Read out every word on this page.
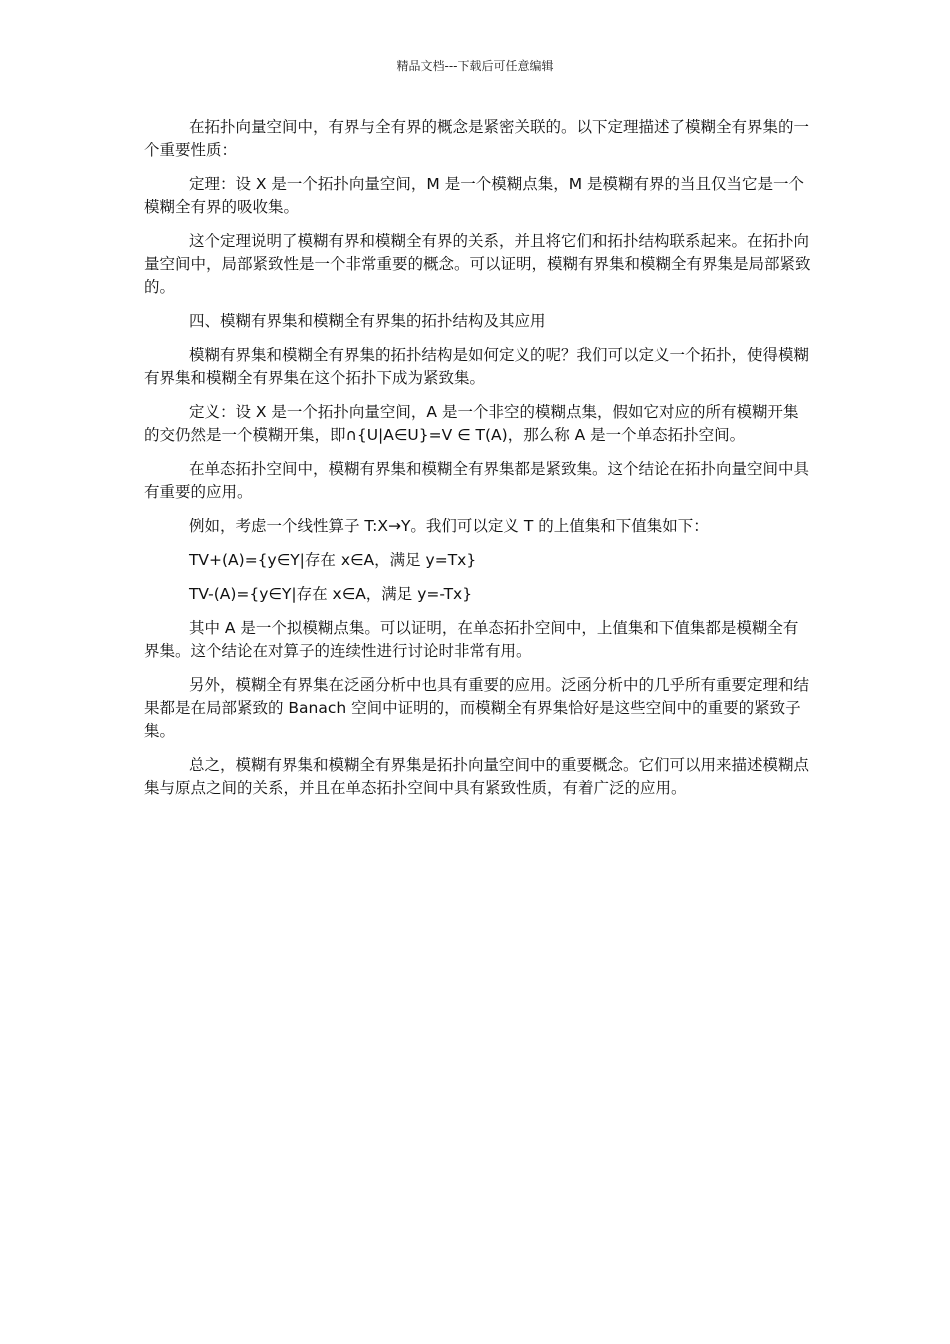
精品文档---下载后可任意编辑

在拓扑向量空间中，有界与全有界的概念是紧密关联的。以下定理描述了模糊全有界集的一个重要性质：

定理：设 X 是一个拓扑向量空间，M 是一个模糊点集，M 是模糊有界的当且仅当它是一个模糊全有界的吸收集。

这个定理说明了模糊有界和模糊全有界的关系，并且将它们和拓扑结构联系起来。在拓扑向量空间中，局部紧致性是一个非常重要的概念。可以证明，模糊有界集和模糊全有界集是局部紧致的。

四、模糊有界集和模糊全有界集的拓扑结构及其应用

模糊有界集和模糊全有界集的拓扑结构是如何定义的呢？我们可以定义一个拓扑，使得模糊有界集和模糊全有界集在这个拓扑下成为紧致集。

定义：设 X 是一个拓扑向量空间，A 是一个非空的模糊点集，假如它对应的所有模糊开集的交仍然是一个模糊开集，即∩{U|A∈U}=V ∈ T(A)，那么称 A 是一个单态拓扑空间。

在单态拓扑空间中，模糊有界集和模糊全有界集都是紧致集。这个结论在拓扑向量空间中具有重要的应用。

例如，考虑一个线性算子 T:X→Y。我们可以定义 T 的上值集和下值集如下：

TV+(A)={y∈Y|存在 x∈A，满足 y=Tx}

TV-(A)={y∈Y|存在 x∈A，满足 y=-Tx}

其中 A 是一个拟模糊点集。可以证明，在单态拓扑空间中，上值集和下值集都是模糊全有界集。这个结论在对算子的连续性进行讨论时非常有用。

另外，模糊全有界集在泛函分析中也具有重要的应用。泛函分析中的几乎所有重要定理和结果都是在局部紧致的 Banach 空间中证明的，而模糊全有界集恰好是这些空间中的重要的紧致子集。

总之，模糊有界集和模糊全有界集是拓扑向量空间中的重要概念。它们可以用来描述模糊点集与原点之间的关系，并且在单态拓扑空间中具有紧致性质，有着广泛的应用。
